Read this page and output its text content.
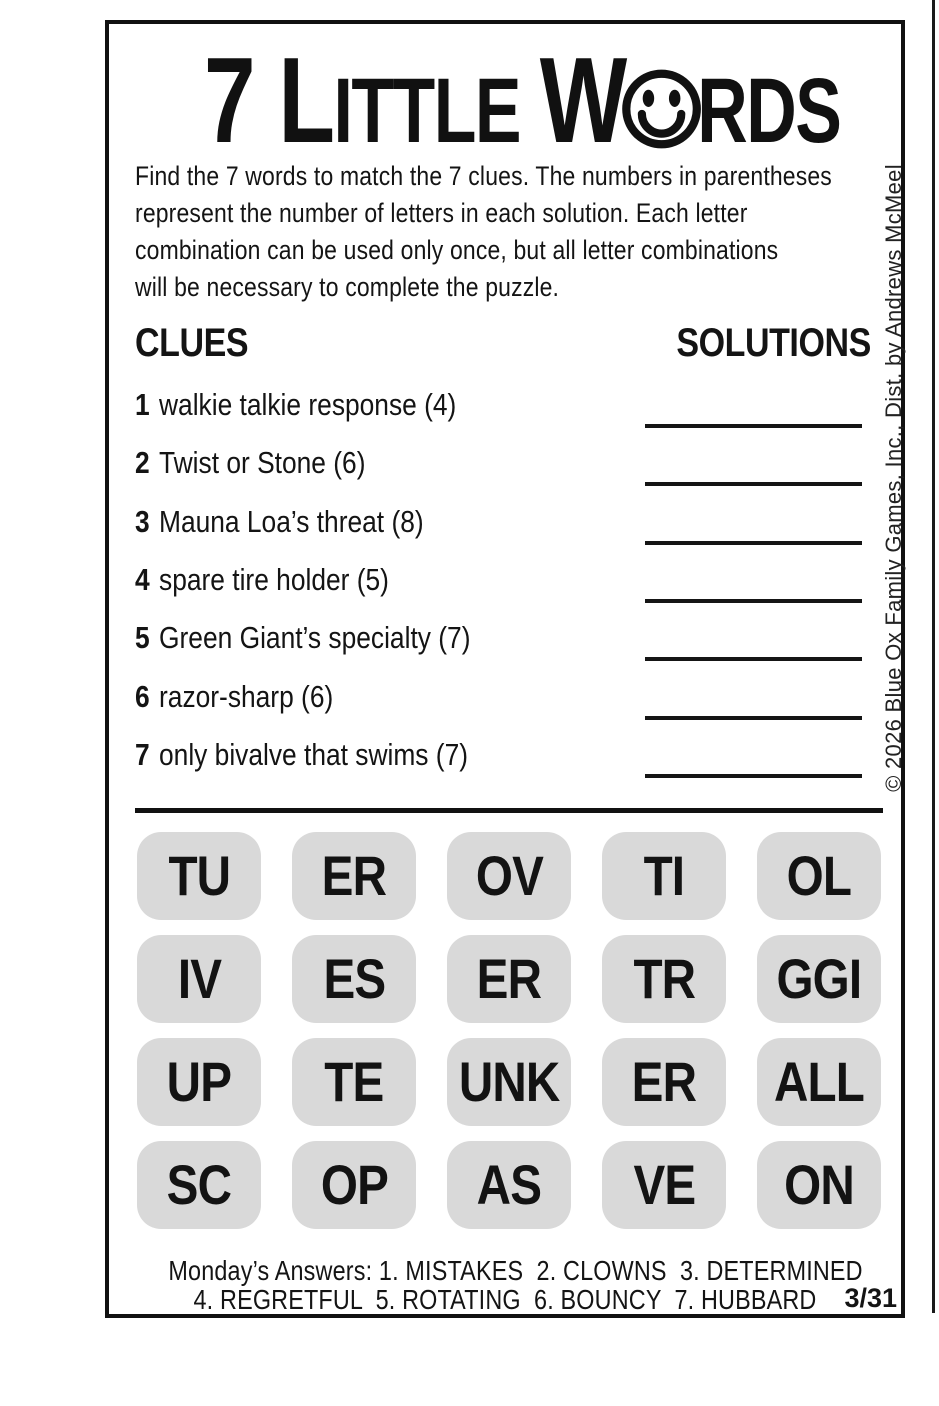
7 LITTLE W RDS
Find the 7 words to match the 7 clues. The numbers in parentheses
represent the number of letters in each solution. Each letter
combination can be used only once, but all letter combinations
will be necessary to complete the puzzle.
CLUES	SOLUTIONS
1 walkie talkie response (4)
2 Twist or Stone (6)
3 Mauna Loa’s threat (8)
4 spare tire holder (5)
5 Green Giant’s specialty (7)
6 razor-sharp (6)
7 only bivalve that swims (7)
TU ER OV TI OL
IV ES ER TR GGI
UP TE UNK ER ALL
SC OP AS VE ON
Monday’s Answers: 1. MISTAKES  2. CLOWNS  3. DETERMINED
4. REGRETFUL  5. ROTATING  6. BOUNCY  7. HUBBARD	3/31
© 2026 Blue Ox Family Games, Inc., Dist. by Andrews McMeel
